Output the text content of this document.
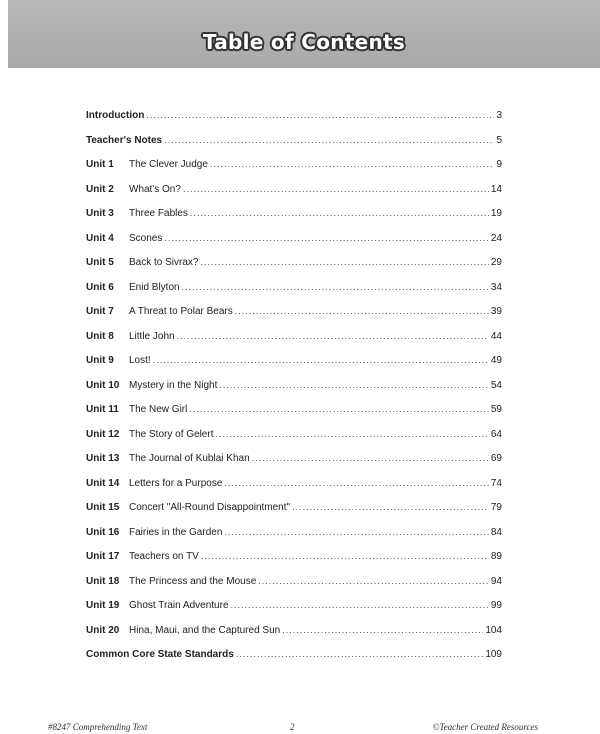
Table of Contents
Introduction .....	3
Teacher's Notes .....	5
Unit 1	The Clever Judge .....	9
Unit 2	What's On? .....	14
Unit 3	Three Fables .....	19
Unit 4	Scones .....	24
Unit 5	Back to Sivrax? .....	29
Unit 6	Enid Blyton .....	34
Unit 7	A Threat to Polar Bears .....	39
Unit 8	Little John .....	44
Unit 9	Lost! .....	49
Unit 10 Mystery in the Night .....	54
Unit 11	The New Girl .....	59
Unit 12 The Story of Gelert .....	64
Unit 13 The Journal of Kublai Khan .....	69
Unit 14 Letters for a Purpose .....	74
Unit 15 Concert "All-Round Disappointment" .....	79
Unit 16 Fairies in the Garden .....	84
Unit 17 Teachers on TV .....	89
Unit 18 The Princess and the Mouse .....	94
Unit 19 Ghost Train Adventure .....	99
Unit 20 Hina, Maui, and the Captured Sun .....	104
Common Core State Standards .....	109
#8247 Comprehending Text	2	©Teacher Created Resources
